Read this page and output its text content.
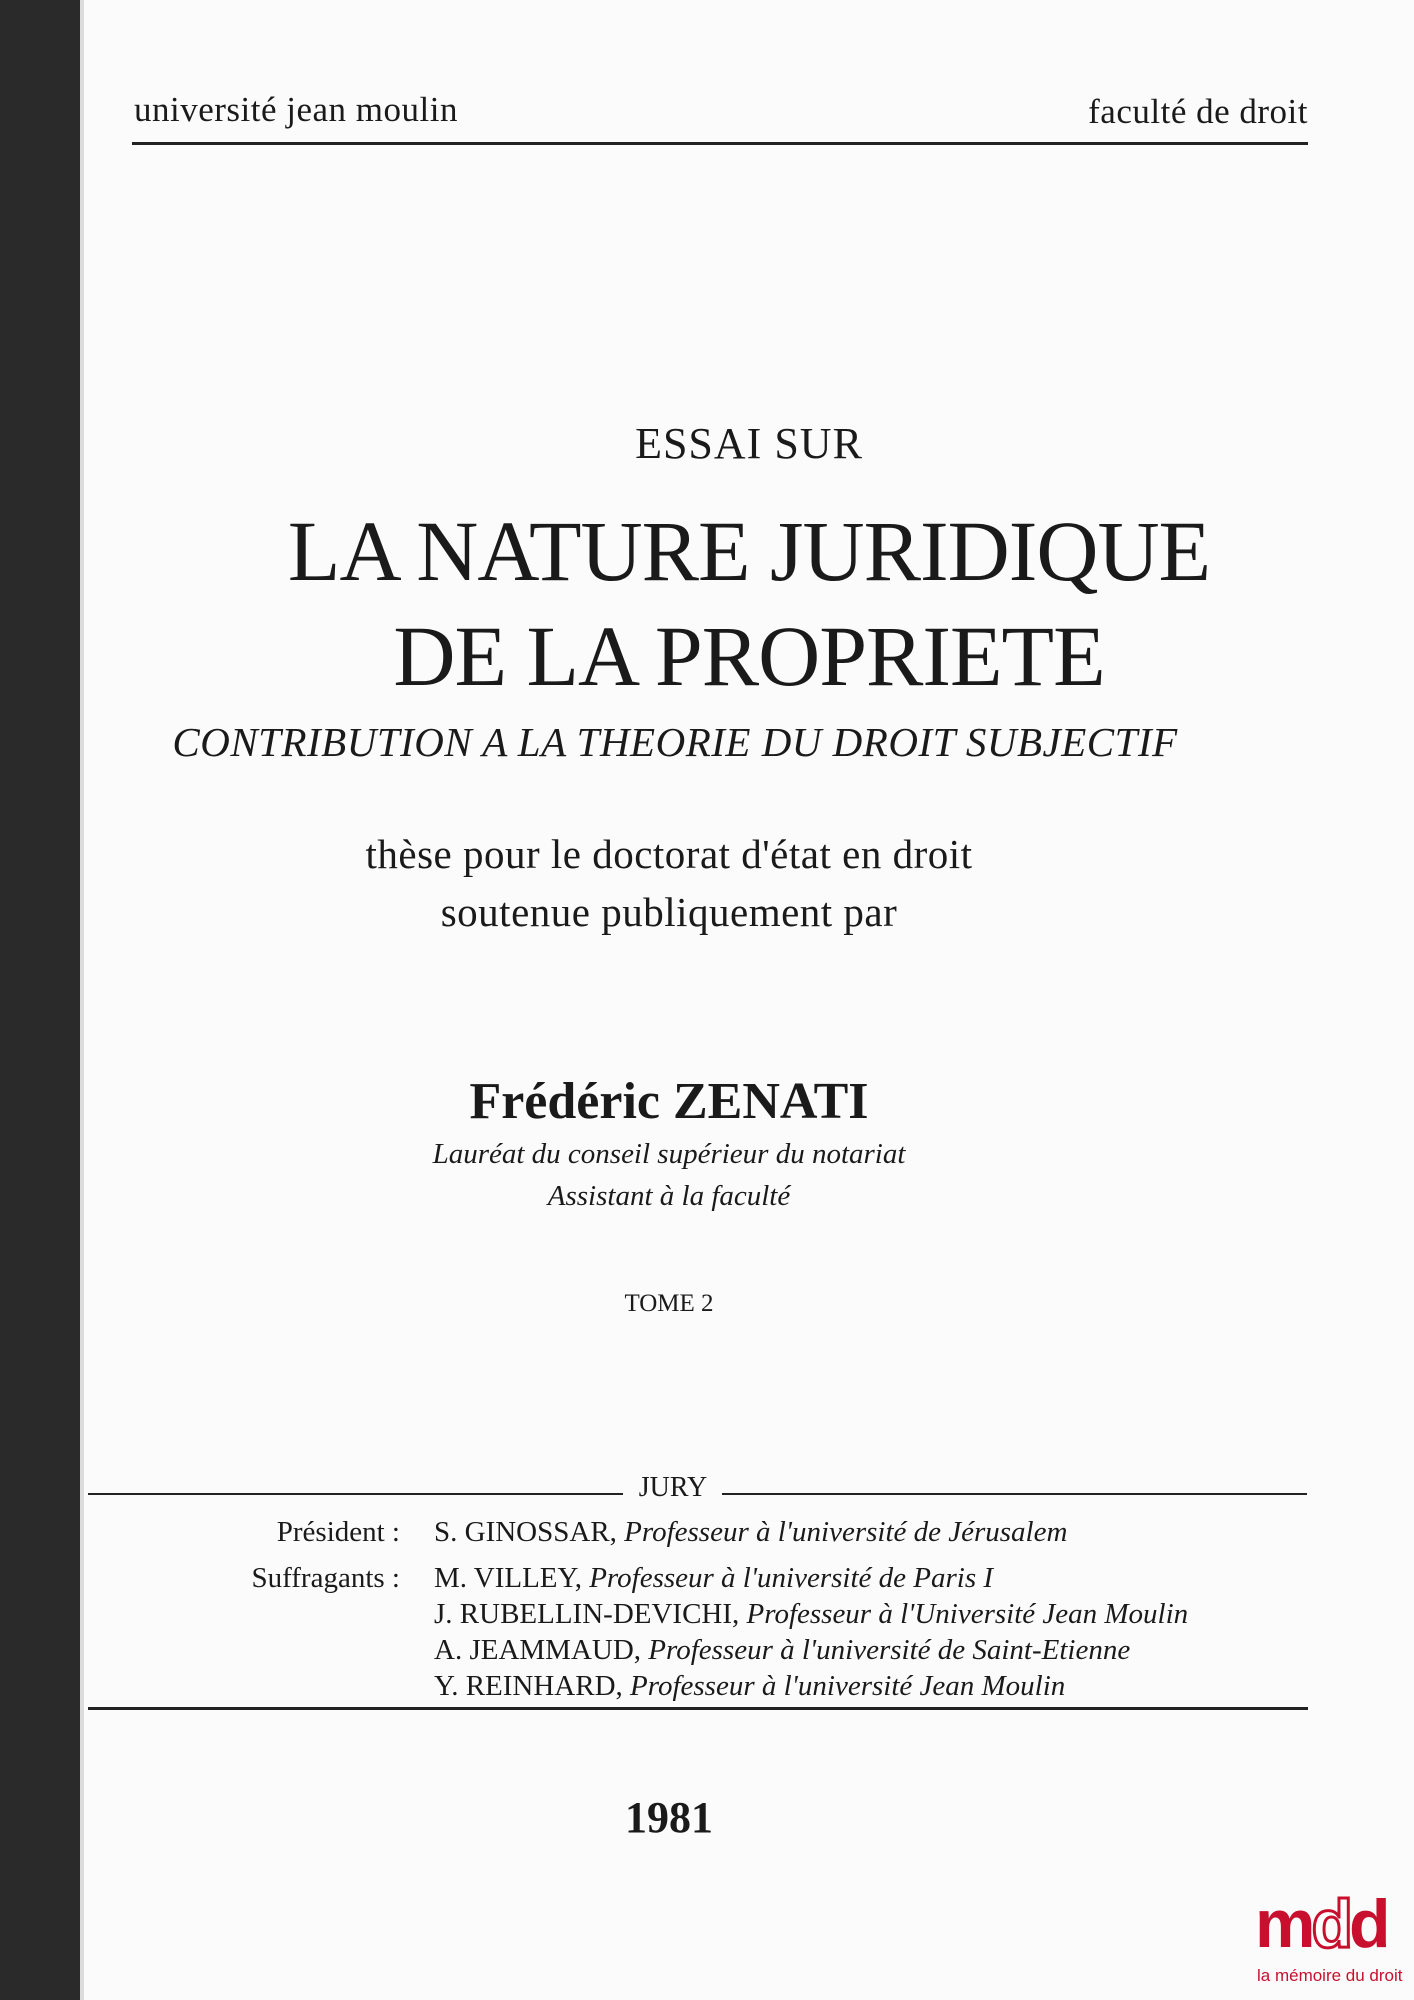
université jean moulin	faculté de droit
ESSAI SUR
LA NATURE JURIDIQUE
DE LA PROPRIETE
CONTRIBUTION A LA THEORIE DU DROIT SUBJECTIF
thèse pour le doctorat d'état en droit
soutenue publiquement par
Frédéric ZENATI
Lauréat du conseil supérieur du notariat
Assistant à la faculté
TOME 2
JURY
Président : S. GINOSSAR, Professeur à l'université de Jérusalem
Suffragants : M. VILLEY, Professeur à l'université de Paris I
J. RUBELLIN-DEVICHI, Professeur à l'Université Jean Moulin
A. JEAMMAUD, Professeur à l'université de Saint-Etienne
Y. REINHARD, Professeur à l'université Jean Moulin
1981
mdd
la mémoire du droit
